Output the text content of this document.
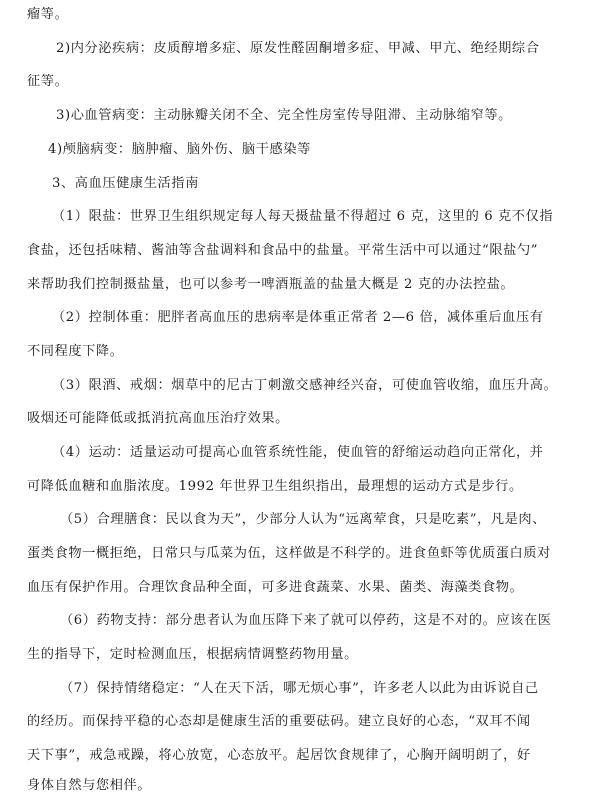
瘤等。
2)内分泌疾病：皮质醇增多症、原发性醛固酮增多症、甲减、甲亢、绝经期综合
征等。
3)心血管病变：主动脉瓣关闭不全、完全性房室传导阻滞、主动脉缩窄等。
4)颅脑病变：脑肿瘤、脑外伤、脑干感染等
3、高血压健康生活指南
（1）限盐：世界卫生组织规定每人每天摄盐量不得超过 6 克，这里的 6 克不仅指
食盐，还包括味精、酱油等含盐调料和食品中的盐量。平常生活中可以通过“限盐勺”
来帮助我们控制摄盐量，也可以参考一啤酒瓶盖的盐量大概是 2 克的办法控盐。
（2）控制体重：肥胖者高血压的患病率是体重正常者 2—6 倍，减体重后血压有
不同程度下降。
（3）限酒、戒烟：烟草中的尼古丁刺激交感神经兴奋，可使血管收缩，血压升高。
吸烟还可能降低或抵消抗高血压治疗效果。
（4）运动：适量运动可提高心血管系统性能，使血管的舒缩运动趋向正常化，并
可降低血糖和血脂浓度。1992 年世界卫生组织指出，最理想的运动方式是步行。
（5）合理膳食：民以食为天”，少部分人认为“远离荤食，只是吃素”，凡是肉、
蛋类食物一概拒绝，日常只与瓜菜为伍，这样做是不科学的。进食鱼虾等优质蛋白质对
血压有保护作用。合理饮食品种全面，可多进食蔬菜、水果、菌类、海藻类食物。
（6）药物支持：部分患者认为血压降下来了就可以停药，这是不对的。应该在医
生的指导下，定时检测血压，根据病情调整药物用量。
（7）保持情绪稳定：“人在天下活，哪无烦心事”，许多老人以此为由诉说自己
的经历。而保持平稳的心态却是健康生活的重要砝码。建立良好的心态，“双耳不闻
天下事”，戒急戒躁，将心放宽，心态放平。起居饮食规律了，心胸开阔明朗了，好
身体自然与您相伴。
